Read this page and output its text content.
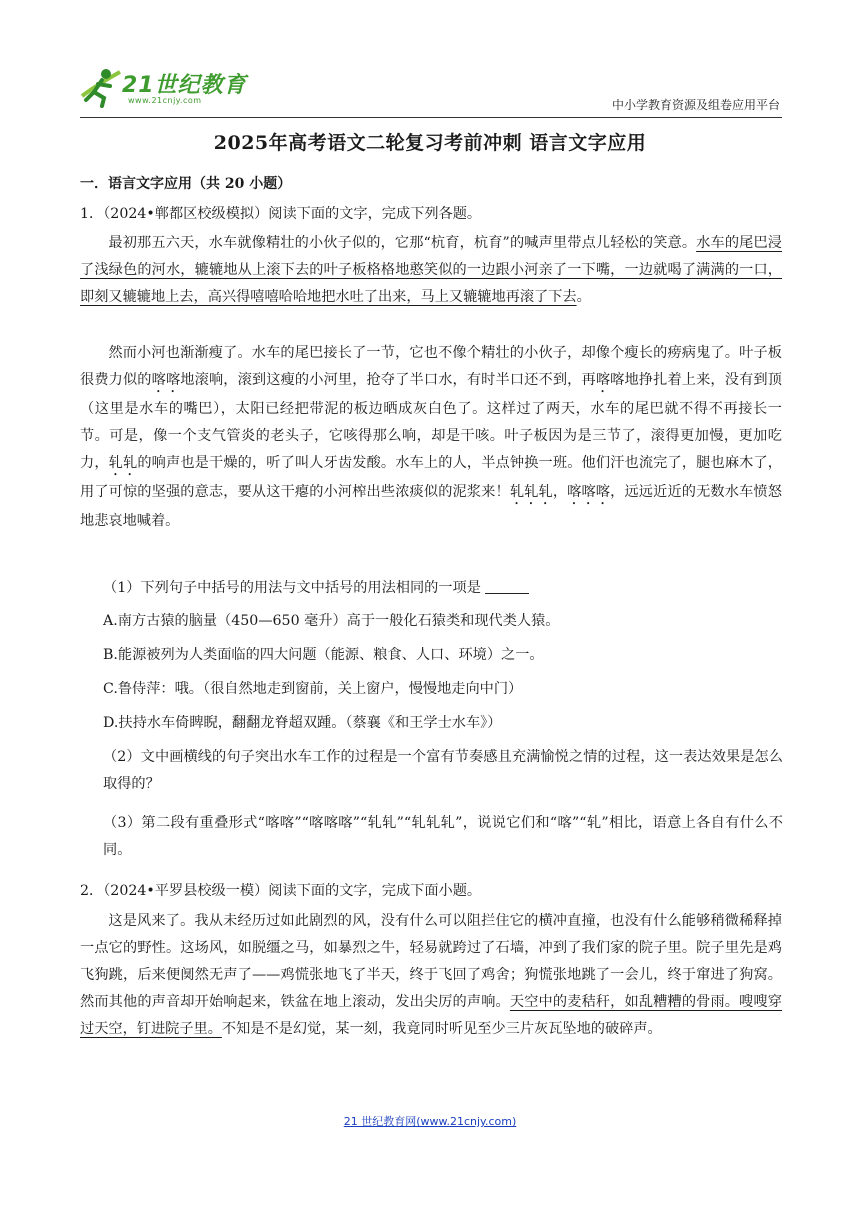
21世纪教育
www.21cnjy.com	中小学教育资源及组卷应用平台
2025年高考语文二轮复习考前冲刺 语言文字应用
一．语言文字应用（共 20 小题）

1．（2024•郸都区校级模拟）阅读下面的文字，完成下列各题。

最初那五六天，水车就像精壮的小伙子似的，它那“杭育，杭育”的喊声里带点儿轻松的笑意。水车的尾巴浸了浅绿色的河水，辘辘地从上滚下去的叶子板格格地憨笑似的一边跟小河亲了一下嘴，一边就喝了满满的一口，即刻又辘辘地上去，高兴得嘻嘻哈哈地把水吐了出来，马上又辘辘地再滚了下去。

然而小河也渐渐瘦了。水车的尾巴接长了一节，它也不像个精壮的小伙子，却像个瘦长的痨病鬼了。叶子板很费力似的喀喀地滚响，滚到这瘦的小河里，抢夺了半口水，有时半口还不到，再喀喀地挣扎着上来，没有到顶（这里是水车的嘴巴），太阳已经把带泥的板边晒成灰白色了。这样过了两天，水车的尾巴就不得不再接长一节。可是，像一个支气管炎的老头子，它咳得那么响，却是干咳。叶子板因为是三节了，滚得更加慢，更加吃力，轧轧的响声也是干燥的，听了叫人牙齿发酸。水车上的人，半点钟换一班。他们汗也流完了，腿也麻木了，用了可惊的坚强的意志，要从这干瘪的小河榨出些浓痰似的泥浆来！轧轧轧，喀喀喀，远远近近的无数水车愤怒地悲哀地喊着。

（1）下列句子中括号的用法与文中括号的用法相同的一项是

A.南方古猿的脑量（450—650 毫升）高于一般化石猿类和现代类人猿。

B.能源被列为人类面临的四大问题（能源、粮食、人口、环境）之一。

C.鲁侍萍：哦。（很自然地走到窗前，关上窗户，慢慢地走向中门）

D.扶持水车倚睥睨，翻翻龙脊超双踵。（蔡襄《和王学士水车》）

（2）文中画横线的句子突出水车工作的过程是一个富有节奏感且充满愉悦之情的过程，这一表达效果是怎么取得的？

（3）第二段有重叠形式“喀喀”“喀喀喀”“轧轧”“轧轧轧”，说说它们和“喀”“轧”相比，语意上各自有什么不同。

2．（2024•平罗县校级一模）阅读下面的文字，完成下面小题。

这是风来了。我从未经历过如此剧烈的风，没有什么可以阻拦住它的横冲直撞，也没有什么能够稍微稀释掉一点它的野性。这场风，如脱缰之马，如暴烈之牛，轻易就跨过了石墙，冲到了我们家的院子里。院子里先是鸡飞狗跳，后来便阒然无声了——鸡慌张地飞了半天，终于飞回了鸡舍；狗慌张地跳了一会儿，终于窜进了狗窝。然而其他的声音却开始响起来，铁盆在地上滚动，发出尖厉的声响。天空中的麦秸秆，如乱糟糟的骨雨。嗖嗖穿过天空，钉进院子里。不知是不是幻觉，某一刻，我竟同时听见至少三片灰瓦坠地的破碎声。

21 世纪教育网(www.21cnjy.com)
